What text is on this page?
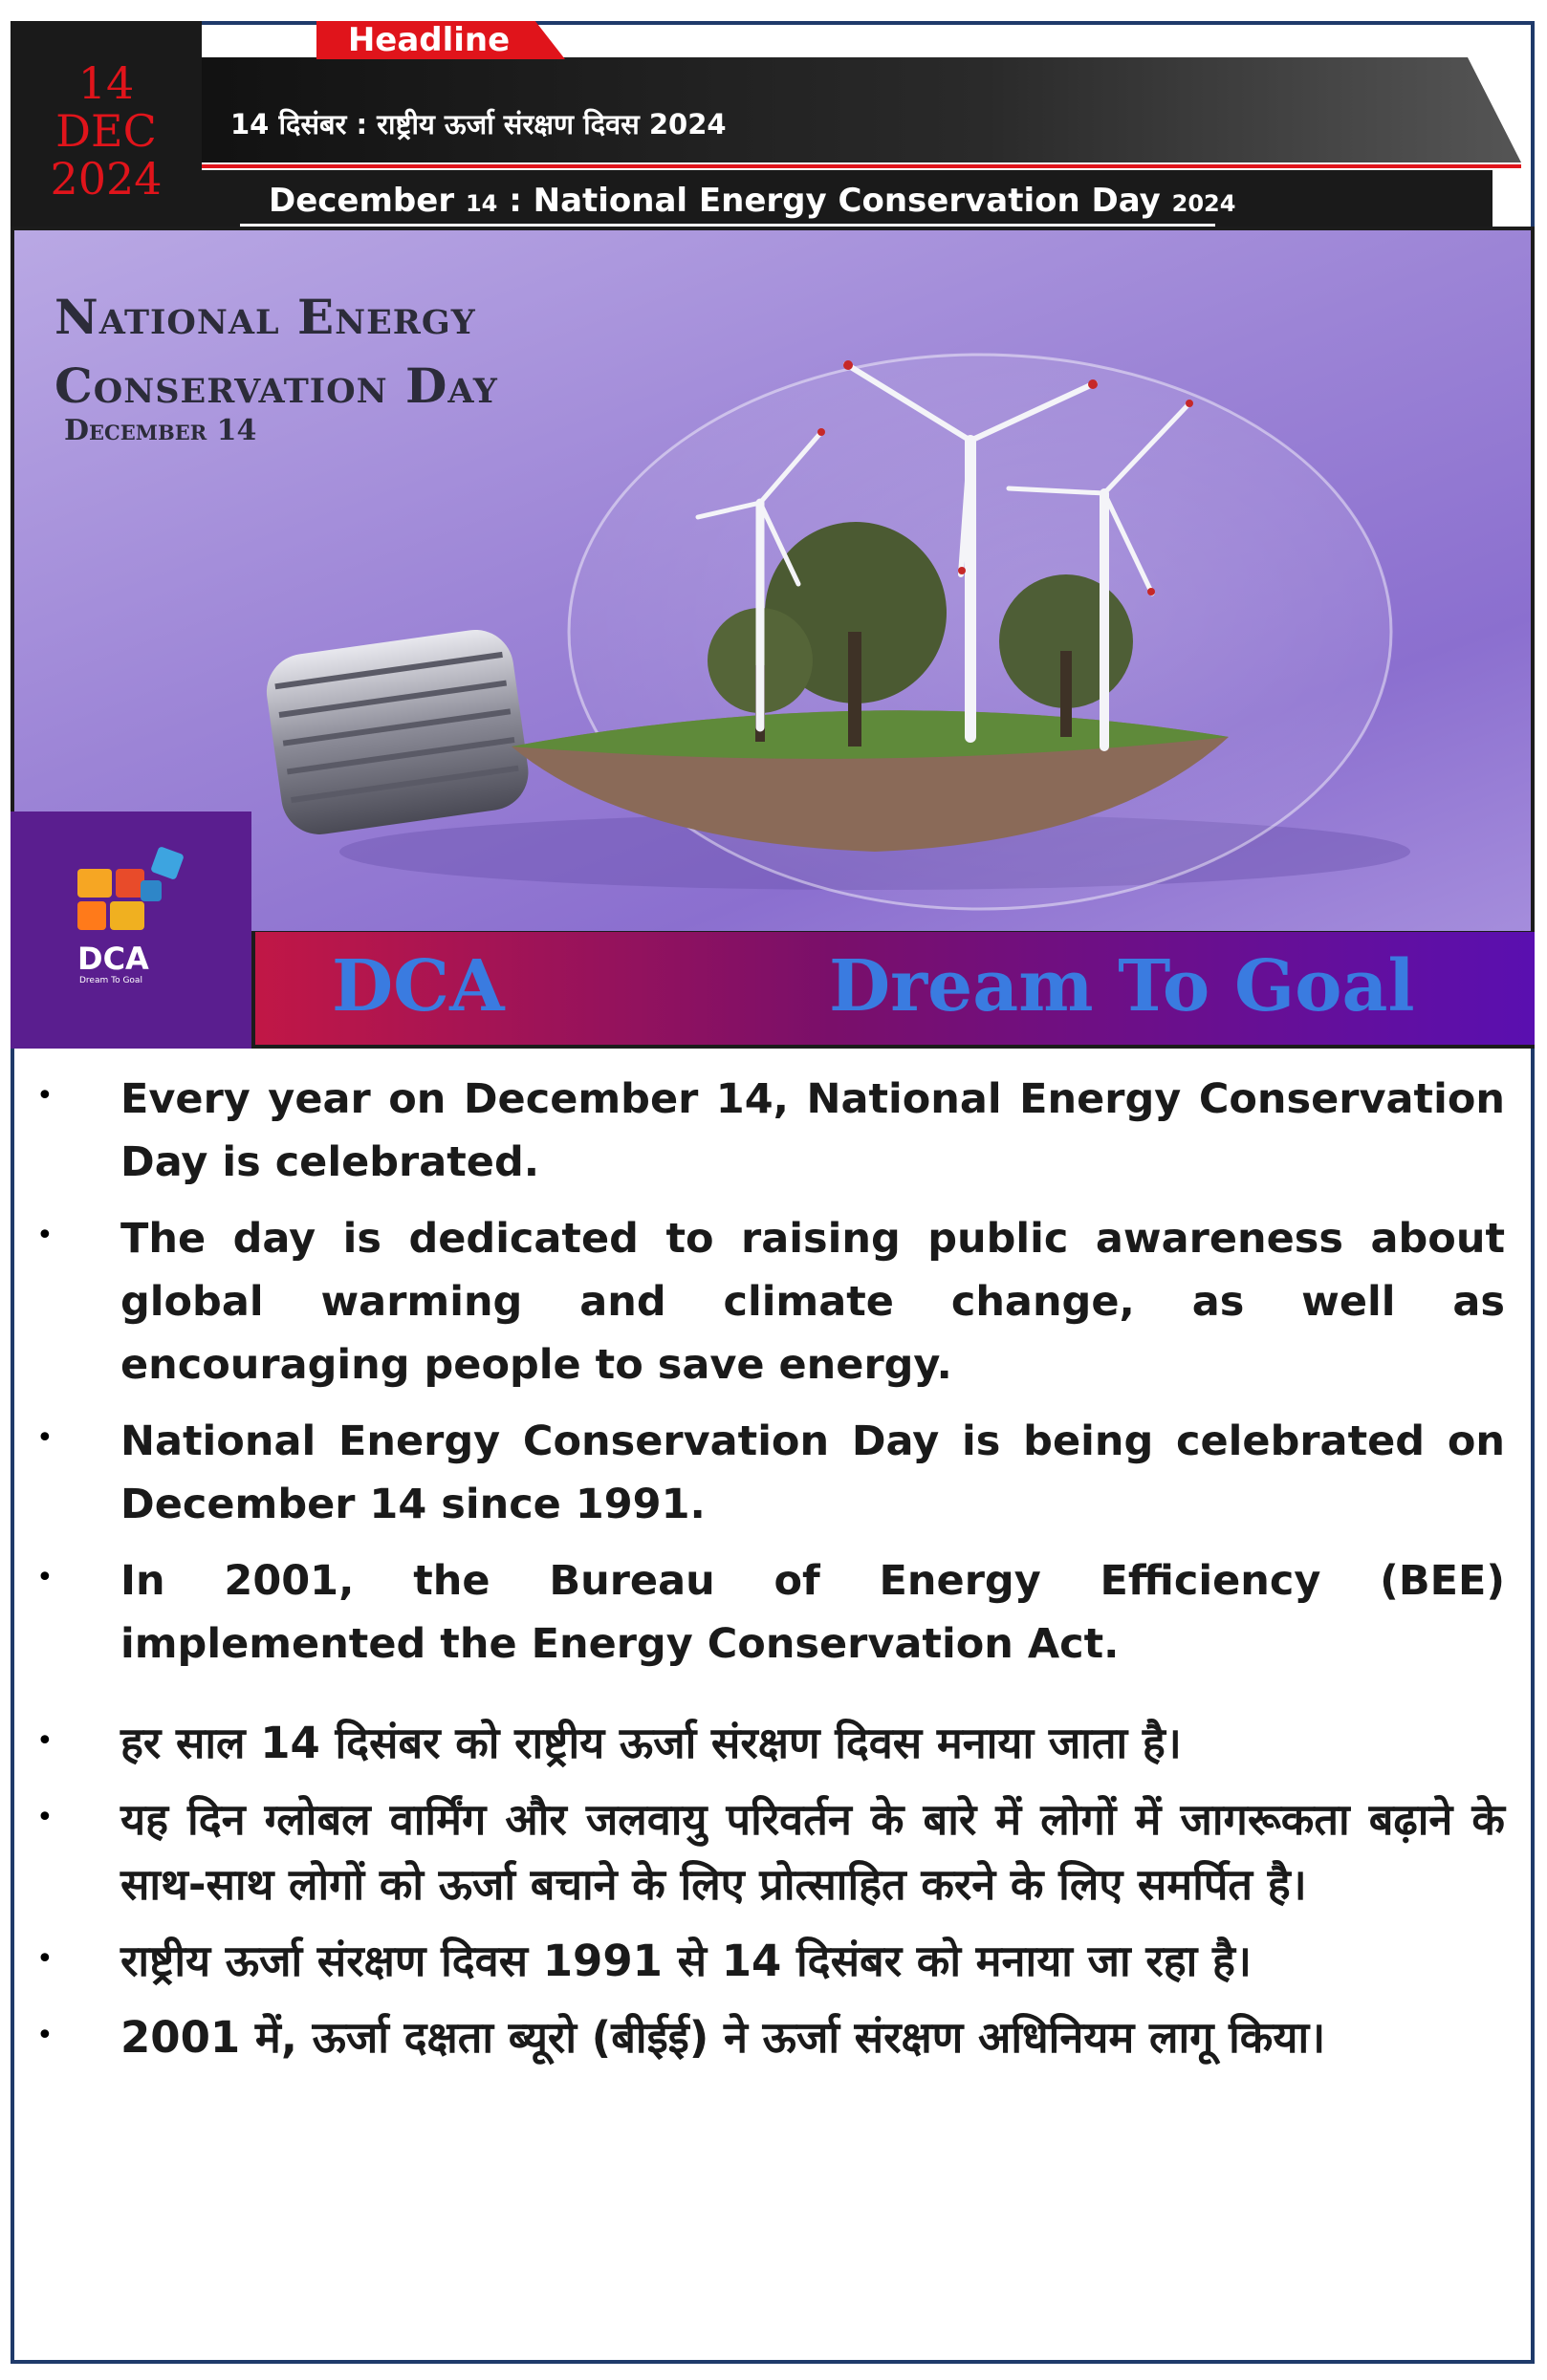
14
DEC
2024
Headline
14 दिसंबर : राष्ट्रीय ऊर्जा संरक्षण दिवस 2024
December 14 : National Energy Conservation Day 2024
National Energy
Conservation Day
December 14
DCA
Dream To Goal	DCA	Dream To Goal
• Every year on December 14, National Energy Conservation Day is celebrated.
• The day is dedicated to raising public awareness about global warming and climate change, as well as encouraging people to save energy.
• National Energy Conservation Day is being celebrated on December 14 since 1991.
• In 2001, the Bureau of Energy Efficiency (BEE) implemented the Energy Conservation Act.
• हर साल 14 दिसंबर को राष्ट्रीय ऊर्जा संरक्षण दिवस मनाया जाता है।
• यह दिन ग्लोबल वार्मिंग और जलवायु परिवर्तन के बारे में लोगों में जागरूकता बढ़ाने के साथ-साथ लोगों को ऊर्जा बचाने के लिए प्रोत्साहित करने के लिए समर्पित है।
• राष्ट्रीय ऊर्जा संरक्षण दिवस 1991 से 14 दिसंबर को मनाया जा रहा है।
• 2001 में, ऊर्जा दक्षता ब्यूरो (बीईई) ने ऊर्जा संरक्षण अधिनियम लागू किया।
